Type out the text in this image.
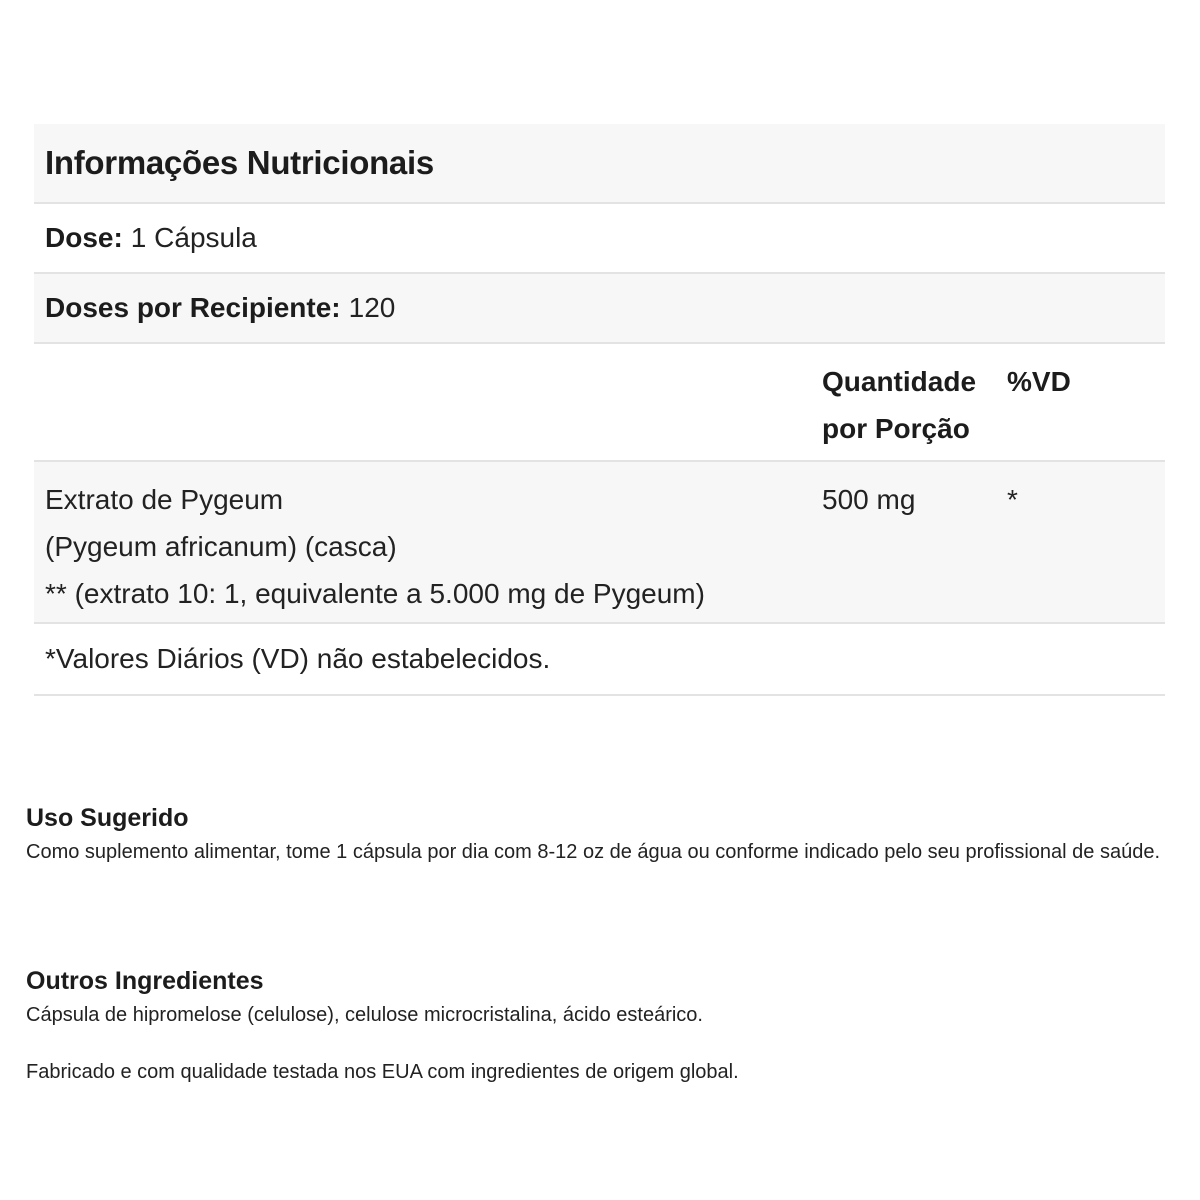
Informações Nutricionais
Dose: 1 Cápsula
Doses por Recipiente: 120
Quantidade
por Porção
%VD
Extrato de Pygeum
(Pygeum africanum) (casca)
** (extrato 10: 1, equivalente a 5.000 mg de Pygeum)
500 mg	*
*Valores Diários (VD) não estabelecidos.
Uso Sugerido
Como suplemento alimentar, tome 1 cápsula por dia com 8-12 oz de água ou conforme indicado pelo seu profissional de saúde.
Outros Ingredientes
Cápsula de hipromelose (celulose), celulose microcristalina, ácido esteárico.
Fabricado e com qualidade testada nos EUA com ingredientes de origem global.
